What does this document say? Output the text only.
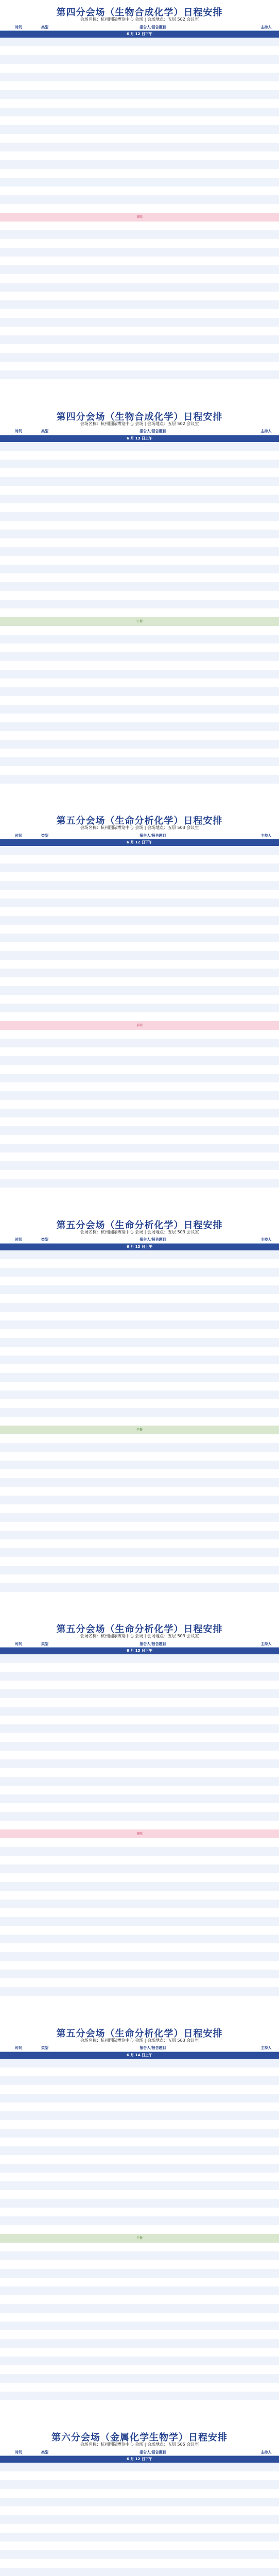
第四分会场（生物合成化学）日程安排
会场名称：杭州国际博览中心 会场 | 会场地点：五层 502 会议室
时间	类型	报告人/报告题目	主持人
6 月 12 日下午
茶歇
第四分会场（生物合成化学）日程安排
会场名称：杭州国际博览中心 会场 | 会场地点：五层 502 会议室
时间	类型	报告人/报告题目	主持人
6 月 13 日上午
午餐
第五分会场（生命分析化学）日程安排
会场名称：杭州国际博览中心 会场 | 会场地点：五层 503 会议室
时间	类型	报告人/报告题目	主持人
6 月 12 日下午
茶歇
第五分会场（生命分析化学）日程安排
会场名称：杭州国际博览中心 会场 | 会场地点：五层 503 会议室
时间	类型	报告人/报告题目	主持人
6 月 13 日上午
午餐
第五分会场（生命分析化学）日程安排
会场名称：杭州国际博览中心 会场 | 会场地点：五层 503 会议室
时间	类型	报告人/报告题目	主持人
6 月 13 日下午
茶歇
第五分会场（生命分析化学）日程安排
会场名称：杭州国际博览中心 会场 | 会场地点：五层 503 会议室
时间	类型	报告人/报告题目	主持人
6 月 14 日上午
午餐
第六分会场（金属化学生物学）日程安排
会场名称：杭州国际博览中心 会场 | 会场地点：五层 505 会议室
时间	类型	报告人/报告题目	主持人
6 月 12 日下午
